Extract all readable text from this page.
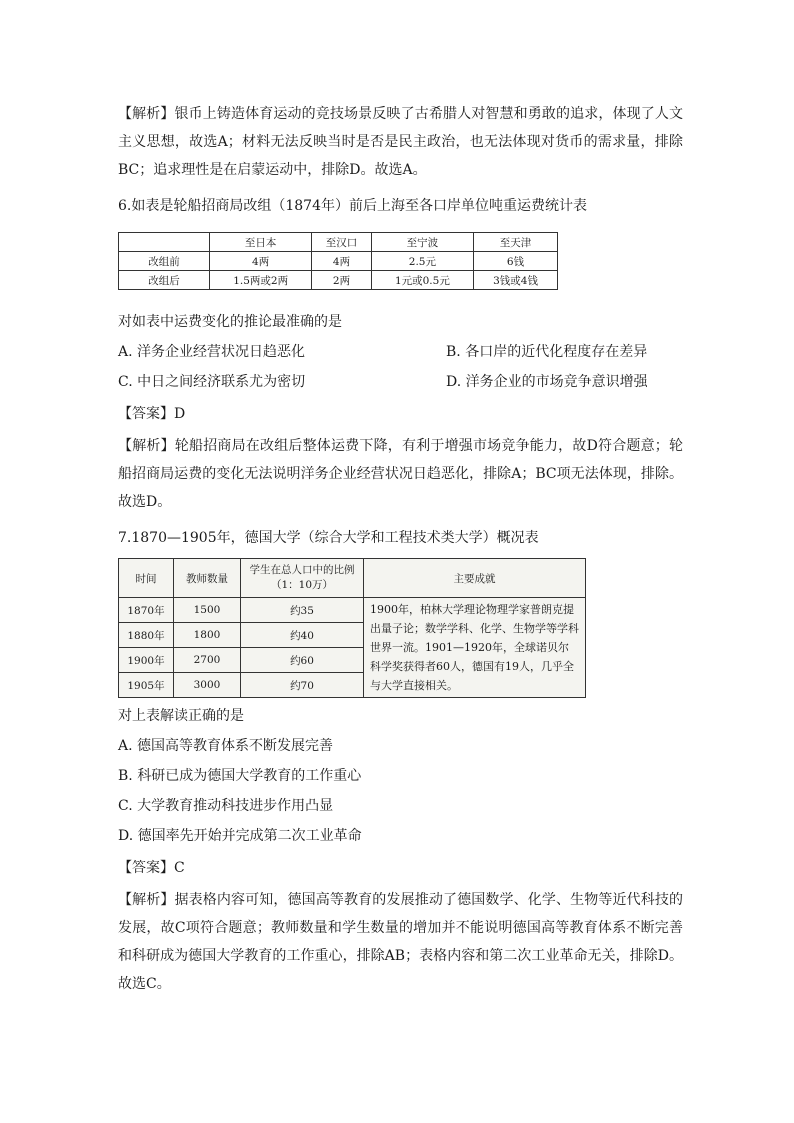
【解析】银币上铸造体育运动的竞技场景反映了古希腊人对智慧和勇敢的追求，体现了人文主义思想，故选A；材料无法反映当时是否是民主政治，也无法体现对货币的需求量，排除BC；追求理性是在启蒙运动中，排除D。故选A。

6.如表是轮船招商局改组（1874年）前后上海至各口岸单位吨重运费统计表
	至日本	至汉口	至宁波	至天津
改组前	4两	4两	2.5元	6钱
改组后	1.5两或2两	2两	1元或0.5元	3钱或4钱
对如表中运费变化的推论最准确的是
A. 洋务企业经营状况日趋恶化	B. 各口岸的近代化程度存在差异
C. 中日之间经济联系尤为密切	D. 洋务企业的市场竞争意识增强
【答案】D

【解析】轮船招商局在改组后整体运费下降，有利于增强市场竞争能力，故D符合题意；轮船招商局运费的变化无法说明洋务企业经营状况日趋恶化，排除A；BC项无法体现，排除。故选D。

7.1870—1905年，德国大学（综合大学和工程技术类大学）概况表
时间	教师数量	学生在总人口中的比例（1：10万）	主要成就
1870年	1500	约35	1900年，柏林大学理论物理学家普朗克提出量子论；数学学科、化学、生物学等学科世界一流。1901—1920年，全球诺贝尔科学奖获得者60人，德国有19人，几乎全与大学直接相关。
1880年	1800	约40	
1900年	2700	约60	
1905年	3000	约70	
对上表解读正确的是
A. 德国高等教育体系不断发展完善
B. 科研已成为德国大学教育的工作重心
C. 大学教育推动科技进步作用凸显
D. 德国率先开始并完成第二次工业革命
【答案】C

【解析】据表格内容可知，德国高等教育的发展推动了德国数学、化学、生物等近代科技的发展，故C项符合题意；教师数量和学生数量的增加并不能说明德国高等教育体系不断完善和科研成为德国大学教育的工作重心，排除AB；表格内容和第二次工业革命无关，排除D。故选C。
